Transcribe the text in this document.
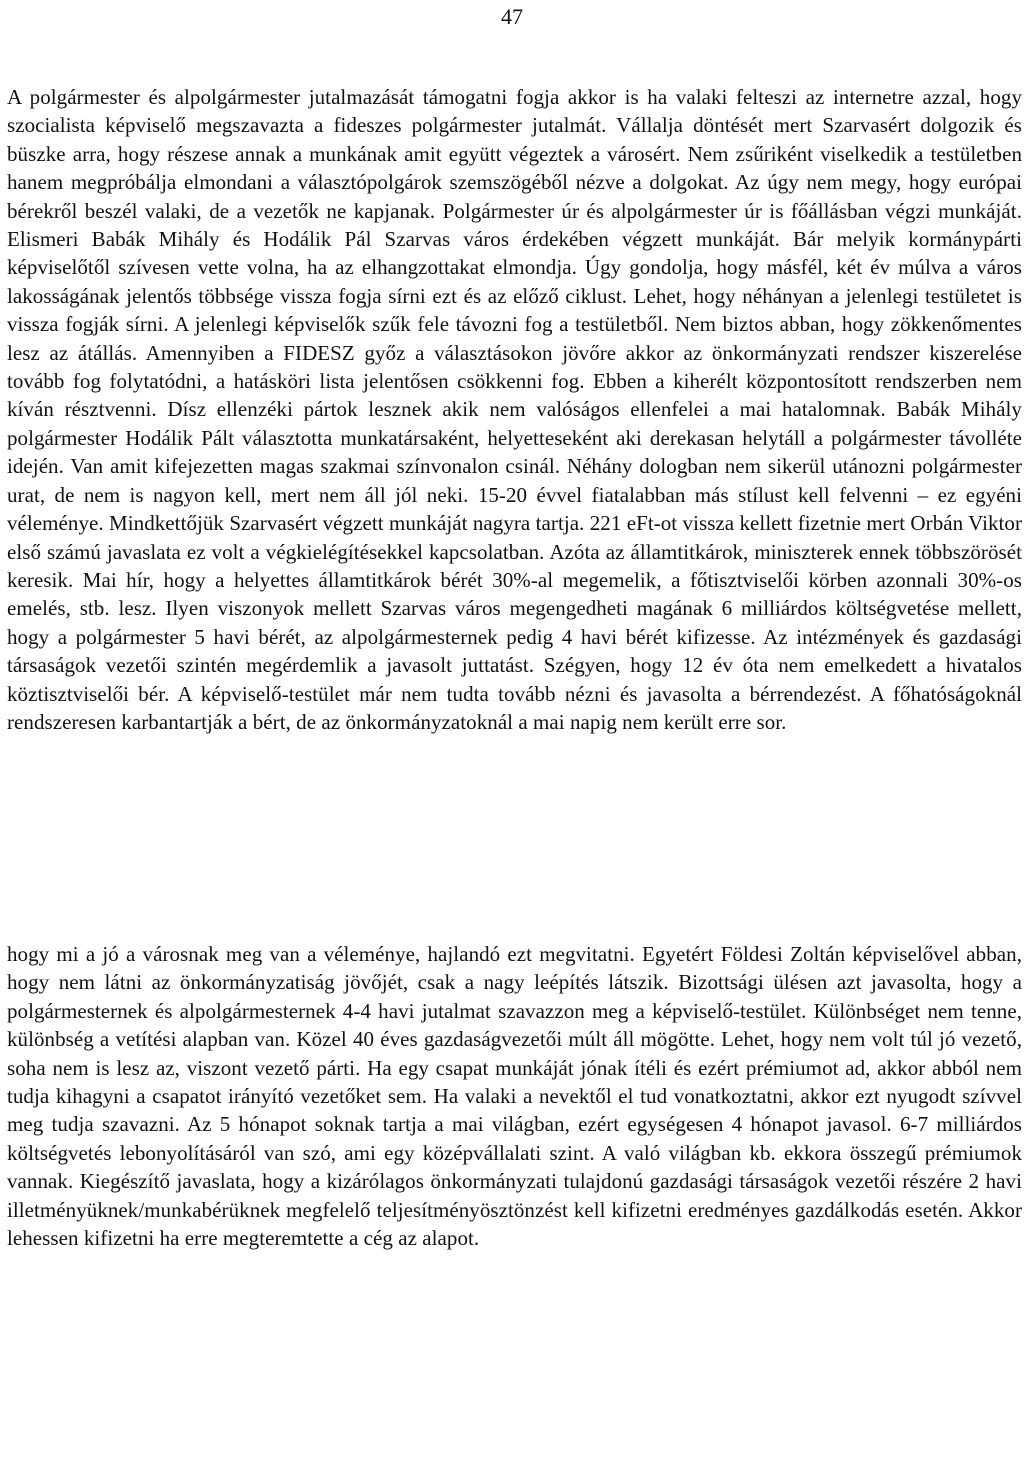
47

A polgármester és alpolgármester jutalmazását támogatni fogja akkor is ha valaki felteszi az internetre azzal, hogy szocialista képviselő megszavazta a fideszes polgármester jutalmát. Vállalja döntését mert Szarvasért dolgozik és büszke arra, hogy részese annak a munkának amit együtt végeztek a városért. Nem zsűriként viselkedik a testületben hanem megpróbálja elmondani a választópolgárok szemszögéből nézve a dolgokat. Az úgy nem megy, hogy európai bérekről beszél valaki, de a vezetők ne kapjanak. Polgármester úr és alpolgármester úr is főállásban végzi munkáját. Elismeri Babák Mihály és Hodálik Pál Szarvas város érdekében végzett munkáját. Bár melyik kormánypárti képviselőtől szívesen vette volna, ha az elhangzottakat elmondja. Úgy gondolja, hogy másfél, két év múlva a város lakosságának jelentős többsége vissza fogja sírni ezt és az előző ciklust. Lehet, hogy néhányan a jelenlegi testületet is vissza fogják sírni. A jelenlegi képviselők szűk fele távozni fog a testületből. Nem biztos abban, hogy zökkenőmentes lesz az átállás. Amennyiben a FIDESZ győz a választásokon jövőre akkor az önkormányzati rendszer kiszerelése tovább fog folytatódni, a hatásköri lista jelentősen csökkenni fog. Ebben a kiherélt központosított rendszerben nem kíván résztvenni. Dísz ellenzéki pártok lesznek akik nem valóságos ellenfelei a mai hatalomnak. Babák Mihály polgármester Hodálik Pált választotta munkatársaként, helyetteseként aki derekasan helytáll a polgármester távolléte idején. Van amit kifejezetten magas szakmai színvonalon csinál. Néhány dologban nem sikerül utánozni polgármester urat, de nem is nagyon kell, mert nem áll jól neki. 15-20 évvel fiatalabban más stílust kell felvenni – ez egyéni véleménye. Mindkettőjük Szarvasért végzett munkáját nagyra tartja. 221 eFt-ot vissza kellett fizetnie mert Orbán Viktor első számú javaslata ez volt a végkielégítésekkel kapcsolatban. Azóta az államtitkárok, miniszterek ennek többszörösét keresik. Mai hír, hogy a helyettes államtitkárok bérét 30%-al megemelik, a főtisztviselői körben azonnali 30%-os emelés, stb. lesz. Ilyen viszonyok mellett Szarvas város megengedheti magának 6 milliárdos költségvetése mellett, hogy a polgármester 5 havi bérét, az alpolgármesternek pedig 4 havi bérét kifizesse. Az intézmények és gazdasági társaságok vezetői szintén megérdemlik a javasolt juttatást. Szégyen, hogy 12 év óta nem emelkedett a hivatalos köztisztviselői bér. A képviselő-testület már nem tudta tovább nézni és javasolta a bérrendezést. A főhatóságoknál rendszeresen karbantartják a bért, de az önkormányzatoknál a mai napig nem került erre sor.

hogy mi a jó a városnak meg van a véleménye, hajlandó ezt megvitatni. Egyetért Földesi Zoltán képviselővel abban, hogy nem látni az önkormányzatiság jövőjét, csak a nagy leépítés látszik. Bizottsági ülésen azt javasolta, hogy a polgármesternek és alpolgármesternek 4-4 havi jutalmat szavazzon meg a képviselő-testület. Különbséget nem tenne, különbség a vetítési alapban van. Közel 40 éves gazdaságvezetői múlt áll mögötte. Lehet, hogy nem volt túl jó vezető, soha nem is lesz az, viszont vezető párti. Ha egy csapat munkáját jónak ítéli és ezért prémiumot ad, akkor abból nem tudja kihagyni a csapatot irányító vezetőket sem. Ha valaki a nevektől el tud vonatkoztatni, akkor ezt nyugodt szívvel meg tudja szavazni. Az 5 hónapot soknak tartja a mai világban, ezért egységesen 4 hónapot javasol. 6-7 milliárdos költségvetés lebonyolításáról van szó, ami egy középvállalati szint. A való világban kb. ekkora összegű prémiumok vannak. Kiegészítő javaslata, hogy a kizárólagos önkormányzati tulajdonú gazdasági társaságok vezetői részére 2 havi illetményüknek/munkabérüknek megfelelő teljesítményösztönzést kell kifizetni eredményes gazdálkodás esetén. Akkor lehessen kifizetni ha erre megteremtette a cég az alapot.
